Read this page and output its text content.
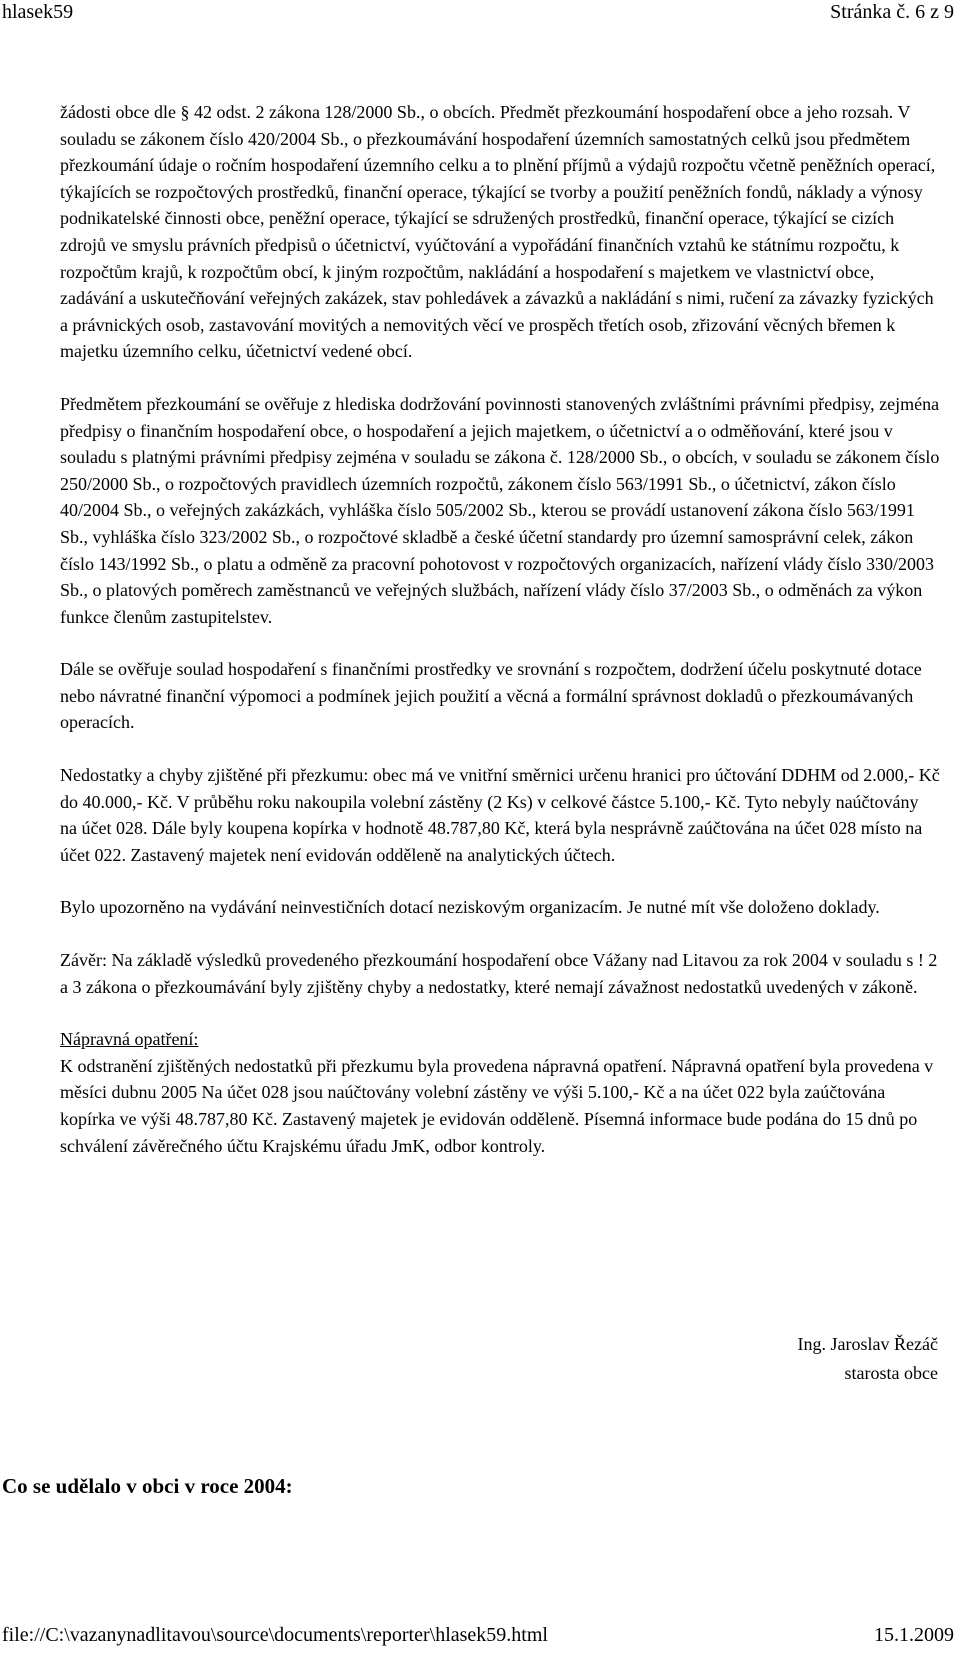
hlasek59	Stránka č. 6 z 9

žádosti obce dle § 42 odst. 2 zákona 128/2000 Sb., o obcích. Předmět přezkoumání hospodaření obce a jeho rozsah. V souladu se zákonem číslo 420/2004 Sb., o přezkoumávání hospodaření územních samostatných celků jsou předmětem přezkoumání údaje o ročním hospodaření územního celku a to plnění příjmů a výdajů rozpočtu včetně peněžních operací, týkajících se rozpočtových prostředků, finanční operace, týkající se tvorby a použití peněžních fondů, náklady a výnosy podnikatelské činnosti obce, peněžní operace, týkající se sdružených prostředků, finanční operace, týkající se cizích zdrojů ve smyslu právních předpisů o účetnictví, vyúčtování a vypořádání finančních vztahů ke státnímu rozpočtu, k rozpočtům krajů, k rozpočtům obcí, k jiným rozpočtům, nakládání a hospodaření s majetkem ve vlastnictví obce, zadávání a uskutečňování veřejných zakázek, stav pohledávek a závazků a nakládání s nimi, ručení za závazky fyzických a právnických osob, zastavování movitých a nemovitých věcí ve prospěch třetích osob, zřizování věcných břemen k majetku územního celku, účetnictví vedené obcí.

Předmětem přezkoumání se ověřuje z hlediska dodržování povinnosti stanovených zvláštními právními předpisy, zejména předpisy o finančním hospodaření obce, o hospodaření a jejich majetkem, o účetnictví a o odměňování, které jsou v souladu s platnými právními předpisy zejména v souladu se zákona č. 128/2000 Sb., o obcích, v souladu se zákonem číslo 250/2000 Sb., o rozpočtových pravidlech územních rozpočtů, zákonem číslo 563/1991 Sb., o účetnictví, zákon číslo 40/2004 Sb., o veřejných zakázkách, vyhláška číslo 505/2002 Sb., kterou se provádí ustanovení zákona číslo 563/1991 Sb., vyhláška číslo 323/2002 Sb., o rozpočtové skladbě a české účetní standardy pro územní samosprávní celek, zákon číslo 143/1992 Sb., o platu a odměně za pracovní pohotovost v rozpočtových organizacích, nařízení vlády číslo 330/2003 Sb., o platových poměrech zaměstnanců ve veřejných službách, nařízení vlády číslo 37/2003 Sb., o odměnách za výkon funkce členům zastupitelstev.

Dále se ověřuje soulad hospodaření s finančními prostředky ve srovnání s rozpočtem, dodržení účelu poskytnuté dotace nebo návratné finanční výpomoci a podmínek jejich použití a věcná a formální správnost dokladů o přezkoumávaných operacích.

Nedostatky a chyby zjištěné při přezkumu: obec má ve vnitřní směrnici určenu hranici pro účtování DDHM od 2.000,- Kč do 40.000,- Kč. V průběhu roku nakoupila volební zástěny (2 Ks) v celkové částce 5.100,- Kč. Tyto nebyly naúčtovány na účet 028. Dále byly koupena kopírka v hodnotě 48.787,80 Kč, která byla nesprávně zaúčtována na účet 028 místo na účet 022. Zastavený majetek není evidován odděleně na analytických účtech.

Bylo upozorněno na vydávání neinvestičních dotací neziskovým organizacím. Je nutné mít vše doloženo doklady.

Závěr: Na základě výsledků provedeného přezkoumání hospodaření obce Vážany nad Litavou za rok 2004 v souladu s ! 2 a 3 zákona o přezkoumávání byly zjištěny chyby a nedostatky, které nemají závažnost nedostatků uvedených v zákoně.

Nápravná opatření:
K odstranění zjištěných nedostatků při přezkumu byla provedena nápravná opatření. Nápravná opatření byla provedena v měsíci dubnu 2005 Na účet 028 jsou naúčtovány volební zástěny ve výši 5.100,- Kč a na účet 022 byla zaúčtována kopírka ve výši 48.787,80 Kč. Zastavený majetek je evidován odděleně. Písemná informace bude podána do 15 dnů po schválení závěrečného účtu Krajskému úřadu JmK, odbor kontroly.

Ing. Jaroslav Řezáč
starosta obce
Co se udělalo v obci v roce 2004:
file://C:\vazanynadlitavou\source\documents\reporter\hlasek59.html	15.1.2009
